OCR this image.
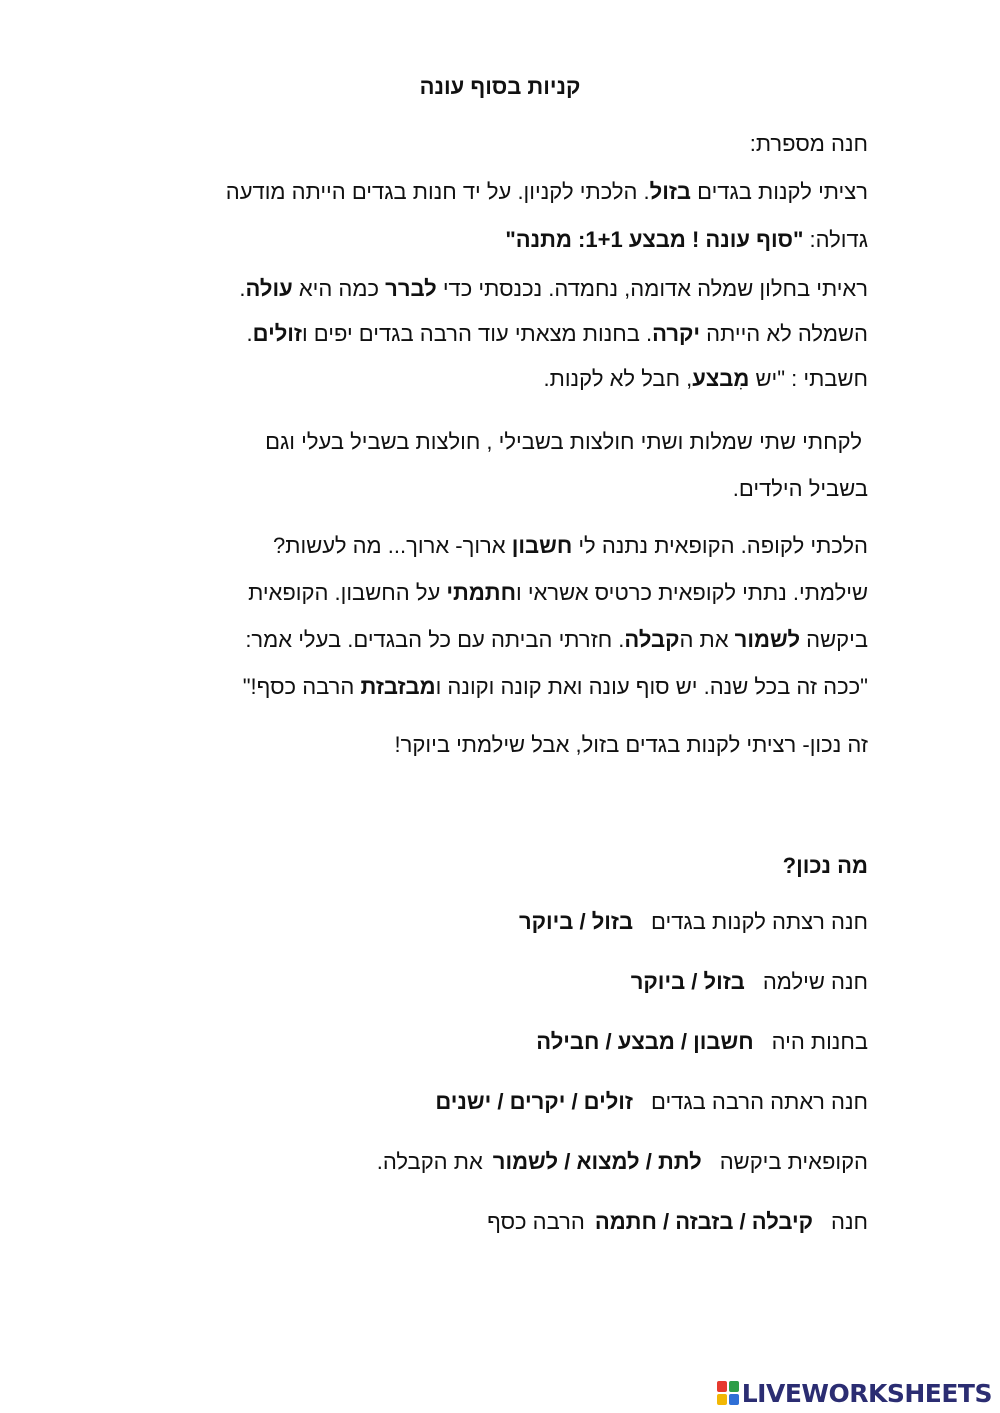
קניות בסוף עונה
חנה מספרת:
רציתי לקנות בגדים בזול. הלכתי לקניון. על יד חנות בגדים הייתה מודעה
גדולה: "סוף עונה ! מבצע 1+1: מתנה"
ראיתי בחלון שמלה אדומה, נחמדה. נכנסתי כדי לברר כמה היא עולה.
השמלה לא הייתה יקרה. בחנות מצאתי עוד הרבה בגדים יפים וזולים.
חשבתי : "יש מִבצע, חבל לא לקנות.
לקחתי שתי שמלות ושתי חולצות בשבילי , חולצות בשביל בעלי וגם
בשביל הילדים.
הלכתי לקופה. הקופאית נתנה לי חשבון ארוך- ארוך... מה לעשות?
שילמתי. נתתי לקופאית כרטיס אשראי וחתמתי על החשבון. הקופאית
ביקשה לשמור את הקבלה. חזרתי הביתה עם כל הבגדים. בעלי אמר:
"ככה זה בכל שנה. יש סוף עונה ואת קונה וקונה ומבזבזת הרבה כסף!"
זה נכון- רציתי לקנות בגדים בזול, אבל שילמתי ביוקר!
מה נכון?
חנה רצתה לקנות בגדיםבזול / ביוקר
חנה שילמהבזול / ביוקר
בחנות היהחשבון / מבצע / חבילה
חנה ראתה הרבה בגדיםזולים / יקרים / ישנים
הקופאית ביקשהלתת / למצוא / לשמוראת הקבלה.
חנהקיבלה / בזבזה / חתמההרבה כסף
LIVEWORKSHEETS
